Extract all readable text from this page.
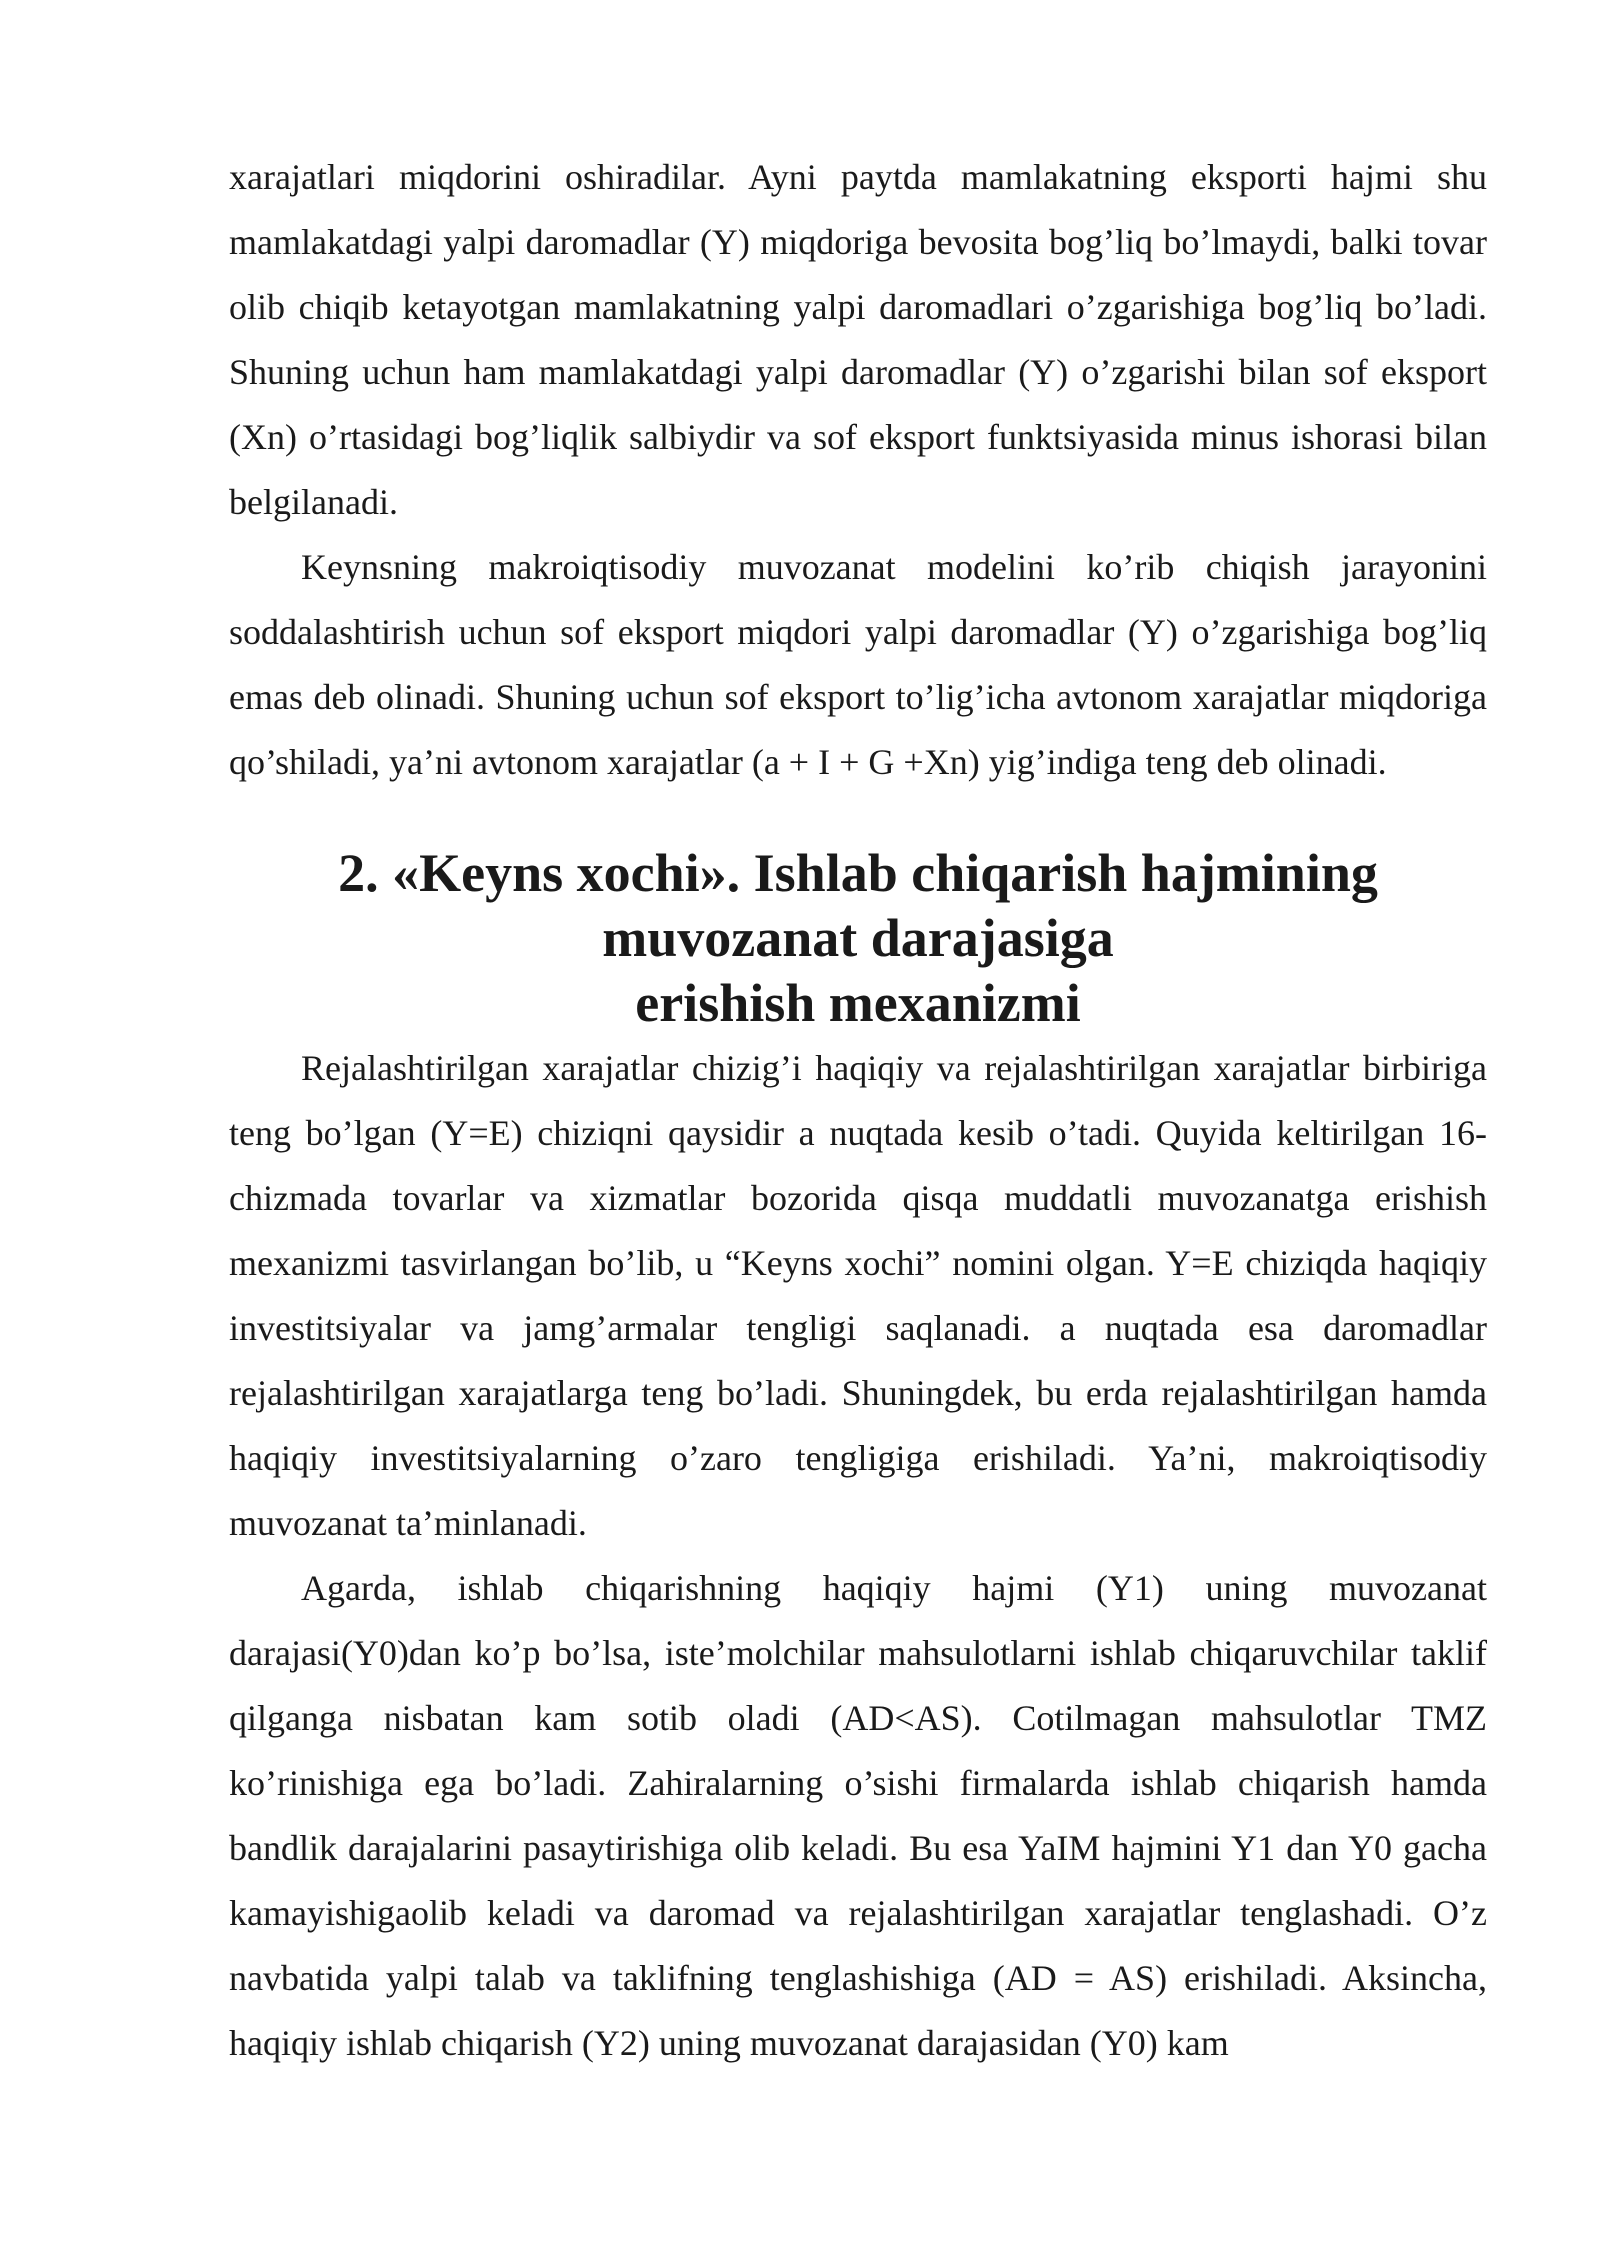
xarajatlari miqdorini oshiradilar. Ayni paytda mamlakatning eksporti hajmi shu mamlakatdagi yalpi daromadlar (Y) miqdoriga bevosita bog’liq bo’lmaydi, balki tovar olib chiqib ketayotgan mamlakatning yalpi daromadlari o’zgarishiga bog’liq bo’ladi. Shuning uchun ham mamlakatdagi yalpi daromadlar (Y) o’zgarishi bilan sof eksport (Xn) o’rtasidagi bog’liqlik salbiydir va sof eksport funktsiyasida minus ishorasi bilan belgilanadi.

Keynsning makroiqtisodiy muvozanat modelini ko’rib chiqish jarayonini soddalashtirish uchun sof eksport miqdori yalpi daromadlar (Y) o’zgarishiga bog’liq emas deb olinadi. Shuning uchun sof eksport to’lig’icha avtonom xarajatlar miqdoriga qo’shiladi, ya’ni avtonom xarajatlar (a + I + G +Xn) yig’indiga teng deb olinadi.

2. «Keyns xochi». Ishlab chiqarish hajmining muvozanat darajasiga
erishish mexanizmi

Rejalashtirilgan xarajatlar chizig’i haqiqiy va rejalashtirilgan xarajatlar birbiriga teng bo’lgan (Y=E) chiziqni qaysidir a nuqtada kesib o’tadi. Quyida keltirilgan 16-chizmada tovarlar va xizmatlar bozorida qisqa muddatli muvozanatga erishish mexanizmi tasvirlangan bo’lib, u “Keyns xochi” nomini olgan. Y=E chiziqda haqiqiy investitsiyalar va jamg’armalar tengligi saqlanadi. a nuqtada esa daromadlar rejalashtirilgan xarajatlarga teng bo’ladi. Shuningdek, bu erda rejalashtirilgan hamda haqiqiy investitsiyalarning o’zaro tengligiga erishiladi. Ya’ni, makroiqtisodiy muvozanat ta’minlanadi.

Agarda, ishlab chiqarishning haqiqiy hajmi (Y1) uning muvozanat darajasi(Y0)dan ko’p bo’lsa, iste’molchilar mahsulotlarni ishlab chiqaruvchilar taklif qilganga nisbatan kam sotib oladi (AD<AS). Cotilmagan mahsulotlar TMZ ko’rinishiga ega bo’ladi. Zahiralarning o’sishi firmalarda ishlab chiqarish hamda bandlik darajalarini pasaytirishiga olib keladi. Bu esa YaIM hajmini Y1 dan Y0 gacha kamayishigaolib keladi va daromad va rejalashtirilgan xarajatlar tenglashadi. O’z navbatida yalpi talab va taklifning tenglashishiga (AD = AS) erishiladi. Aksincha, haqiqiy ishlab chiqarish (Y2) uning muvozanat darajasidan (Y0) kam
